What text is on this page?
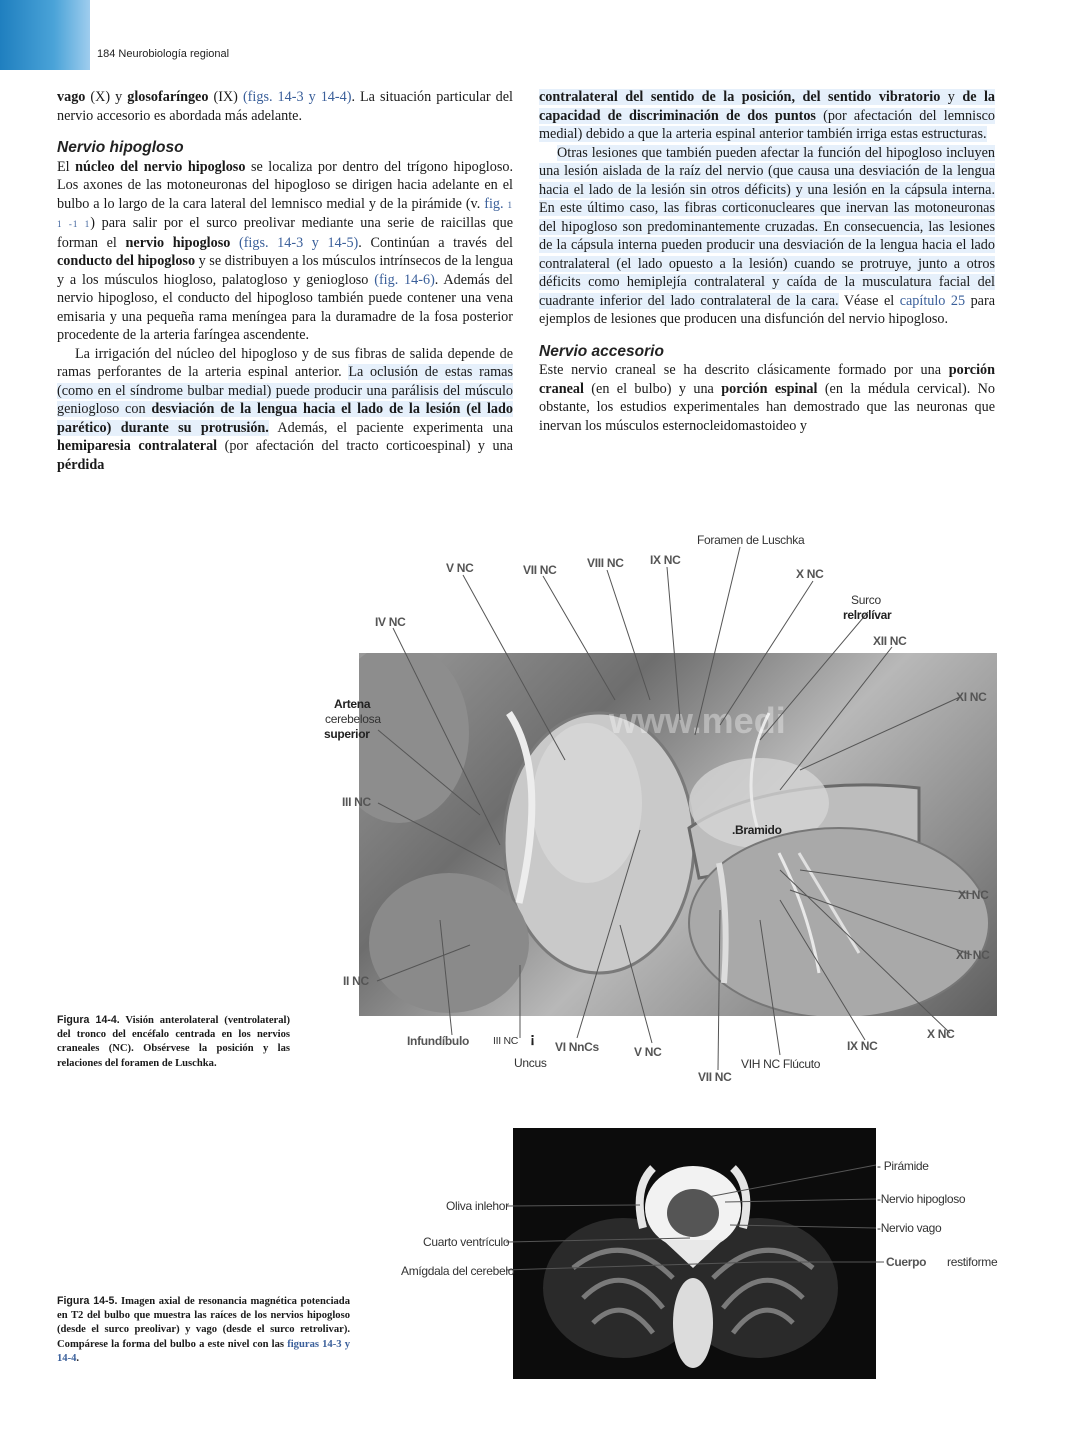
184 Neurobiología regional

vago (X) y glosofaríngeo (IX) (figs. 14-3 y 14-4). La situación particular del nervio accesorio es abordada más adelante.

Nervio hipogloso

El núcleo del nervio hipogloso se localiza por dentro del trígono hipogloso. Los axones de las motoneuronas del hipogloso se dirigen hacia adelante en el bulbo a lo largo de la cara lateral del lemnisco medial y de la pirámide (v. fig. 1 1 -1 1) para salir por el surco preolivar mediante una serie de raicillas que forman el nervio hipogloso (figs. 14-3 y 14-5). Continúan a través del conducto del hipogloso y se distribuyen a los músculos intrínsecos de la lengua y a los músculos hiogloso, palatogloso y geniogloso (fig. 14-6). Además del nervio hipogloso, el conducto del hipogloso también puede contener una vena emisaria y una pequeña rama meníngea para la duramadre de la fosa posterior procedente de la arteria faríngea ascendente.

La irrigación del núcleo del hipogloso y de sus fibras de salida depende de ramas perforantes de la arteria espinal anterior. La oclusión de estas ramas (como en el síndrome bulbar medial) puede producir una parálisis del músculo geniogloso con desviación de la lengua hacia el lado de la lesión (el lado parético) durante su protrusión. Además, el paciente experimenta una hemiparesia contralateral (por afectación del tracto corticoespinal) y una pérdida

contralateral del sentido de la posición, del sentido vibratorio y de la capacidad de discriminación de dos puntos (por afectación del lemnisco medial) debido a que la arteria espinal anterior también irriga estas estructuras.

Otras lesiones que también pueden afectar la función del hipogloso incluyen una lesión aislada de la raíz del nervio (que causa una desviación de la lengua hacia el lado de la lesión sin otros déficits) y una lesión en la cápsula interna. En este último caso, las fibras corticonucleares que inervan las motoneuronas del hipogloso son predominantemente cruzadas. En consecuencia, las lesiones de la cápsula interna pueden producir una desviación de la lengua hacia el lado contralateral (el lado opuesto a la lesión) cuando se protruye, junto a otros déficits como hemiplejía contralateral y caída de la musculatura facial del cuadrante inferior del lado contralateral de la cara. Véase el capítulo 25 para ejemplos de lesiones que producen una disfunción del nervio hipogloso.

Nervio accesorio

Este nervio craneal se ha descrito clásicamente formado por una porción craneal (en el bulbo) y una porción espinal (en la médula cervical). No obstante, los estudios experimentales han demostrado que las neuronas que inervan los músculos esternocleidomastoideo y

www.medi
Foramen de Luschka
V NC	VII NC	VIII NC IX NC
X NC
Surco
relrolívar
IV NC
XII NC
XI NC
Artena
cerebelosa
superior
III NC
.Bramido
XI NC
XII NC
II NC
X NC
Infundíbulo III NC ¡ VI NnCs	V NC	IX NC
Uncus	VIH NC Flúcuto
VII NC
Figura 14-4. Visión anterolateral (ventrolateral) del tronco del encéfalo centrada en los nervios craneales (NC). Obsérvese la posición y las relaciones del foramen de Luschka.
- Pirámide
-Nervio hipogloso
-Nervio vago
Cuerpo restiforme
Oliva inlehor
Cuarto ventrículo
Amígdala del cerebelo
Figura 14-5. Imagen axial de resonancia magnética potenciada en T2 del bulbo que muestra las raíces de los nervios hipogloso (desde el surco preolivar) y vago (desde el surco retrolivar). Compárese la forma del bulbo a este nivel con las figuras 14-3 y 14-4.
